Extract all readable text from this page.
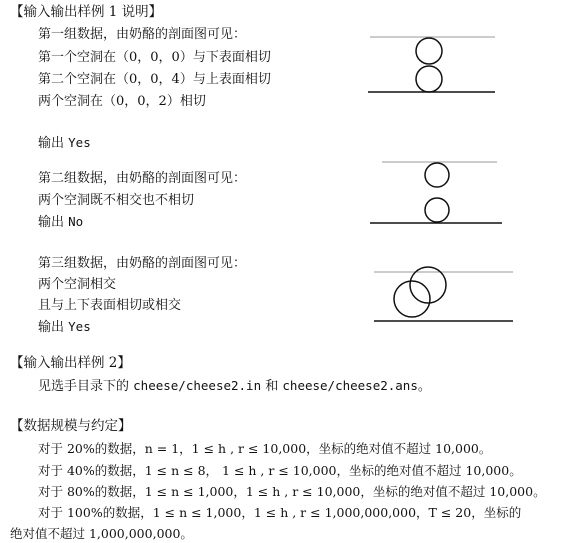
【输入输出样例 1 说明】
第一组数据，由奶酪的剖面图可见：
第一个空洞在（0，0，0）与下表面相切
第二个空洞在（0，0，4）与上表面相切
两个空洞在（0，0，2）相切
输出 Yes
第二组数据，由奶酪的剖面图可见：
两个空洞既不相交也不相切
输出 No
第三组数据，由奶酪的剖面图可见：
两个空洞相交
且与上下表面相切或相交
输出 Yes
【输入输出样例 2】
见选手目录下的 cheese/cheese2.in 和 cheese/cheese2.ans。
【数据规模与约定】
对于 20%的数据，n = 1，1 ≤ h , r ≤ 10,000，坐标的绝对值不超过 10,000。
对于 40%的数据，1 ≤ n ≤ 8， 1 ≤ h , r ≤ 10,000，坐标的绝对值不超过 10,000。
对于 80%的数据，1 ≤ n ≤ 1,000，1 ≤ h , r ≤ 10,000，坐标的绝对值不超过 10,000。
对于 100%的数据，1 ≤ n ≤ 1,000，1 ≤ h , r ≤ 1,000,000,000，T ≤ 20，坐标的
绝对值不超过 1,000,000,000。
